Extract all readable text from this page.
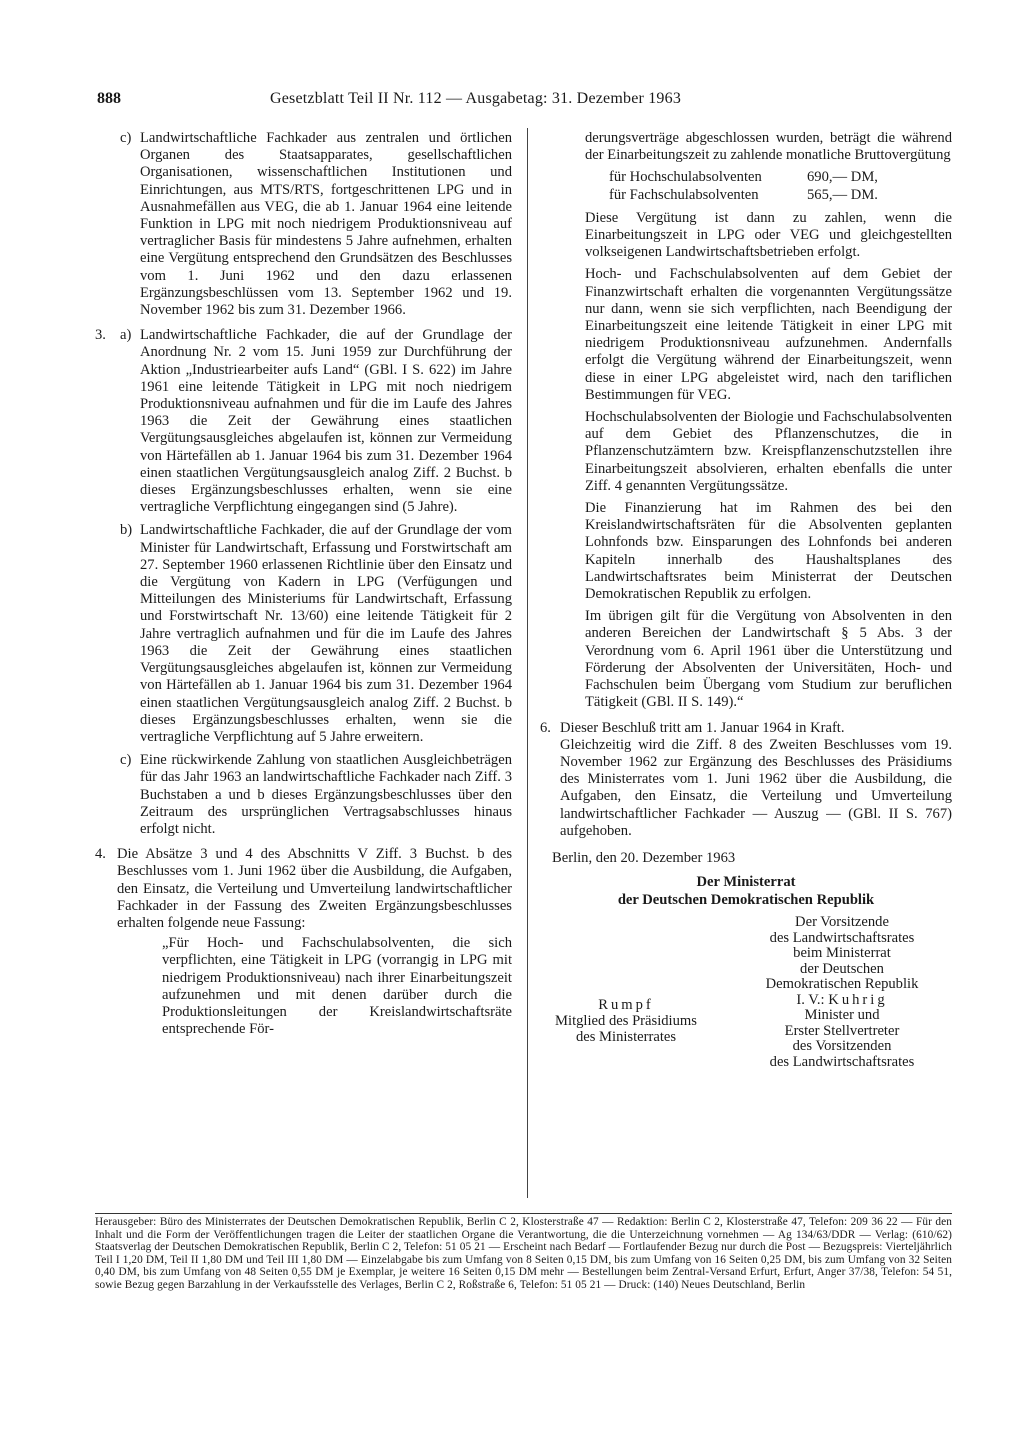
888	Gesetzblatt Teil II Nr. 112 — Ausgabetag: 31. Dezember 1963
c) Landwirtschaftliche Fachkader aus zentralen und örtlichen Organen des Staatsapparates, gesellschaftlichen Organisationen, wissenschaftlichen Institutionen und Einrichtungen, aus MTS/RTS, fortgeschrittenen LPG und in Ausnahmefällen aus VEG, die ab 1. Januar 1964 eine leitende Funktion in LPG mit noch niedrigem Produktionsniveau auf vertraglicher Basis für mindestens 5 Jahre aufnehmen, erhalten eine Vergütung entsprechend den Grundsätzen des Beschlusses vom 1. Juni 1962 und den dazu erlassenen Ergänzungsbeschlüssen vom 13. September 1962 und 19. November 1962 bis zum 31. Dezember 1966.
3. a) Landwirtschaftliche Fachkader, die auf der Grundlage der Anordnung Nr. 2 vom 15. Juni 1959 zur Durchführung der Aktion „Industriearbeiter aufs Land“ (GBl. I S. 622) im Jahre 1961 eine leitende Tätigkeit in LPG mit noch niedrigem Produktionsniveau aufnahmen und für die im Laufe des Jahres 1963 die Zeit der Gewährung eines staatlichen Vergütungsausgleiches abgelaufen ist, können zur Vermeidung von Härtefällen ab 1. Januar 1964 bis zum 31. Dezember 1964 einen staatlichen Vergütungsausgleich analog Ziff. 2 Buchst. b dieses Ergänzungsbeschlusses erhalten, wenn sie eine vertragliche Verpflichtung eingegangen sind (5 Jahre).
b) Landwirtschaftliche Fachkader, die auf der Grundlage der vom Minister für Landwirtschaft, Erfassung und Forstwirtschaft am 27. September 1960 erlassenen Richtlinie über den Einsatz und die Vergütung von Kadern in LPG (Verfügungen und Mitteilungen des Ministeriums für Landwirtschaft, Erfassung und Forstwirtschaft Nr. 13/60) eine leitende Tätigkeit für 2 Jahre vertraglich aufnahmen und für die im Laufe des Jahres 1963 die Zeit der Gewährung eines staatlichen Vergütungsausgleiches abgelaufen ist, können zur Vermeidung von Härtefällen ab 1. Januar 1964 bis zum 31. Dezember 1964 einen staatlichen Vergütungsausgleich analog Ziff. 2 Buchst. b dieses Ergänzungsbeschlusses erhalten, wenn sie die vertragliche Verpflichtung auf 5 Jahre erweitern.
c) Eine rückwirkende Zahlung von staatlichen Ausgleichbeträgen für das Jahr 1963 an landwirtschaftliche Fachkader nach Ziff. 3 Buchstaben a und b dieses Ergänzungsbeschlusses über den Zeitraum des ursprünglichen Vertragsabschlusses hinaus erfolgt nicht.
4. Die Absätze 3 und 4 des Abschnitts V Ziff. 3 Buchst. b des Beschlusses vom 1. Juni 1962 über die Ausbildung, die Aufgaben, den Einsatz, die Verteilung und Umverteilung landwirtschaftlicher Fachkader in der Fassung des Zweiten Ergänzungsbeschlusses erhalten folgende neue Fassung:
„Für Hoch- und Fachschulabsolventen, die sich verpflichten, eine Tätigkeit in LPG (vorrangig in LPG mit niedrigem Produktionsniveau) nach ihrer Einarbeitungszeit aufzunehmen und mit denen darüber durch die Produktionsleitungen der Kreislandwirtschaftsräte entsprechende För-
derungsverträge abgeschlossen wurden, beträgt die während der Einarbeitungszeit zu zahlende monatliche Bruttovergütung
für Hochschulabsolventen	690,— DM,
für Fachschulabsolventen	565,— DM.
Diese Vergütung ist dann zu zahlen, wenn die Einarbeitungszeit in LPG oder VEG und gleichgestellten volkseigenen Landwirtschaftsbetrieben erfolgt.
Hoch- und Fachschulabsolventen auf dem Gebiet der Finanzwirtschaft erhalten die vorgenannten Vergütungssätze nur dann, wenn sie sich verpflichten, nach Beendigung der Einarbeitungszeit eine leitende Tätigkeit in einer LPG mit niedrigem Produktionsniveau aufzunehmen. Andernfalls erfolgt die Vergütung während der Einarbeitungszeit, wenn diese in einer LPG abgeleistet wird, nach den tariflichen Bestimmungen für VEG.
Hochschulabsolventen der Biologie und Fachschulabsolventen auf dem Gebiet des Pflanzenschutzes, die in Pflanzenschutzämtern bzw. Kreispflanzenschutzstellen ihre Einarbeitungszeit absolvieren, erhalten ebenfalls die unter Ziff. 4 genannten Vergütungssätze.
Die Finanzierung hat im Rahmen des bei den Kreislandwirtschaftsräten für die Absolventen geplanten Lohnfonds bzw. Einsparungen des Lohnfonds bei anderen Kapiteln innerhalb des Haushaltsplanes des Landwirtschaftsrates beim Ministerrat der Deutschen Demokratischen Republik zu erfolgen.
Im übrigen gilt für die Vergütung von Absolventen in den anderen Bereichen der Landwirtschaft § 5 Abs. 3 der Verordnung vom 6. April 1961 über die Unterstützung und Förderung der Absolventen der Universitäten, Hoch- und Fachschulen beim Übergang vom Studium zur beruflichen Tätigkeit (GBl. II S. 149).“
6. Dieser Beschluß tritt am 1. Januar 1964 in Kraft.
Gleichzeitig wird die Ziff. 8 des Zweiten Beschlusses vom 19. November 1962 zur Ergänzung des Beschlusses des Präsidiums des Ministerrates vom 1. Juni 1962 über die Ausbildung, die Aufgaben, den Einsatz, die Verteilung und Umverteilung landwirtschaftlicher Fachkader — Auszug — (GBl. II S. 767) aufgehoben.
Berlin, den 20. Dezember 1963
Der Ministerrat
der Deutschen Demokratischen Republik
Rumpf
Mitglied des Präsidiums
des Ministerrates
Der Vorsitzende
des Landwirtschaftsrates
beim Ministerrat
der Deutschen
Demokratischen Republik
I. V.: Kuhrig
Minister und
Erster Stellvertreter
des Vorsitzenden
des Landwirtschaftsrates
Herausgeber: Büro des Ministerrates der Deutschen Demokratischen Republik, Berlin C 2, Klosterstraße 47 — Redaktion: Berlin C 2, Klosterstraße 47, Telefon: 209 36 22 — Für den Inhalt und die Form der Veröffentlichungen tragen die Leiter der staatlichen Organe die Verantwortung, die die Unterzeichnung vornehmen — Ag 134/63/DDR — Verlag: (610/62) Staatsverlag der Deutschen Demokratischen Republik, Berlin C 2, Telefon: 51 05 21 — Erscheint nach Bedarf — Fortlaufender Bezug nur durch die Post — Bezugspreis: Vierteljährlich Teil I 1,20 DM, Teil II 1,80 DM und Teil III 1,80 DM — Einzelabgabe bis zum Umfang von 8 Seiten 0,15 DM, bis zum Umfang von 16 Seiten 0,25 DM, bis zum Umfang von 32 Seiten 0,40 DM, bis zum Umfang von 48 Seiten 0,55 DM je Exemplar, je weitere 16 Seiten 0,15 DM mehr — Bestellungen beim Zentral-Versand Erfurt, Erfurt, Anger 37/38, Telefon: 54 51, sowie Bezug gegen Barzahlung in der Verkaufsstelle des Verlages, Berlin C 2, Roßstraße 6, Telefon: 51 05 21 — Druck: (140) Neues Deutschland, Berlin
